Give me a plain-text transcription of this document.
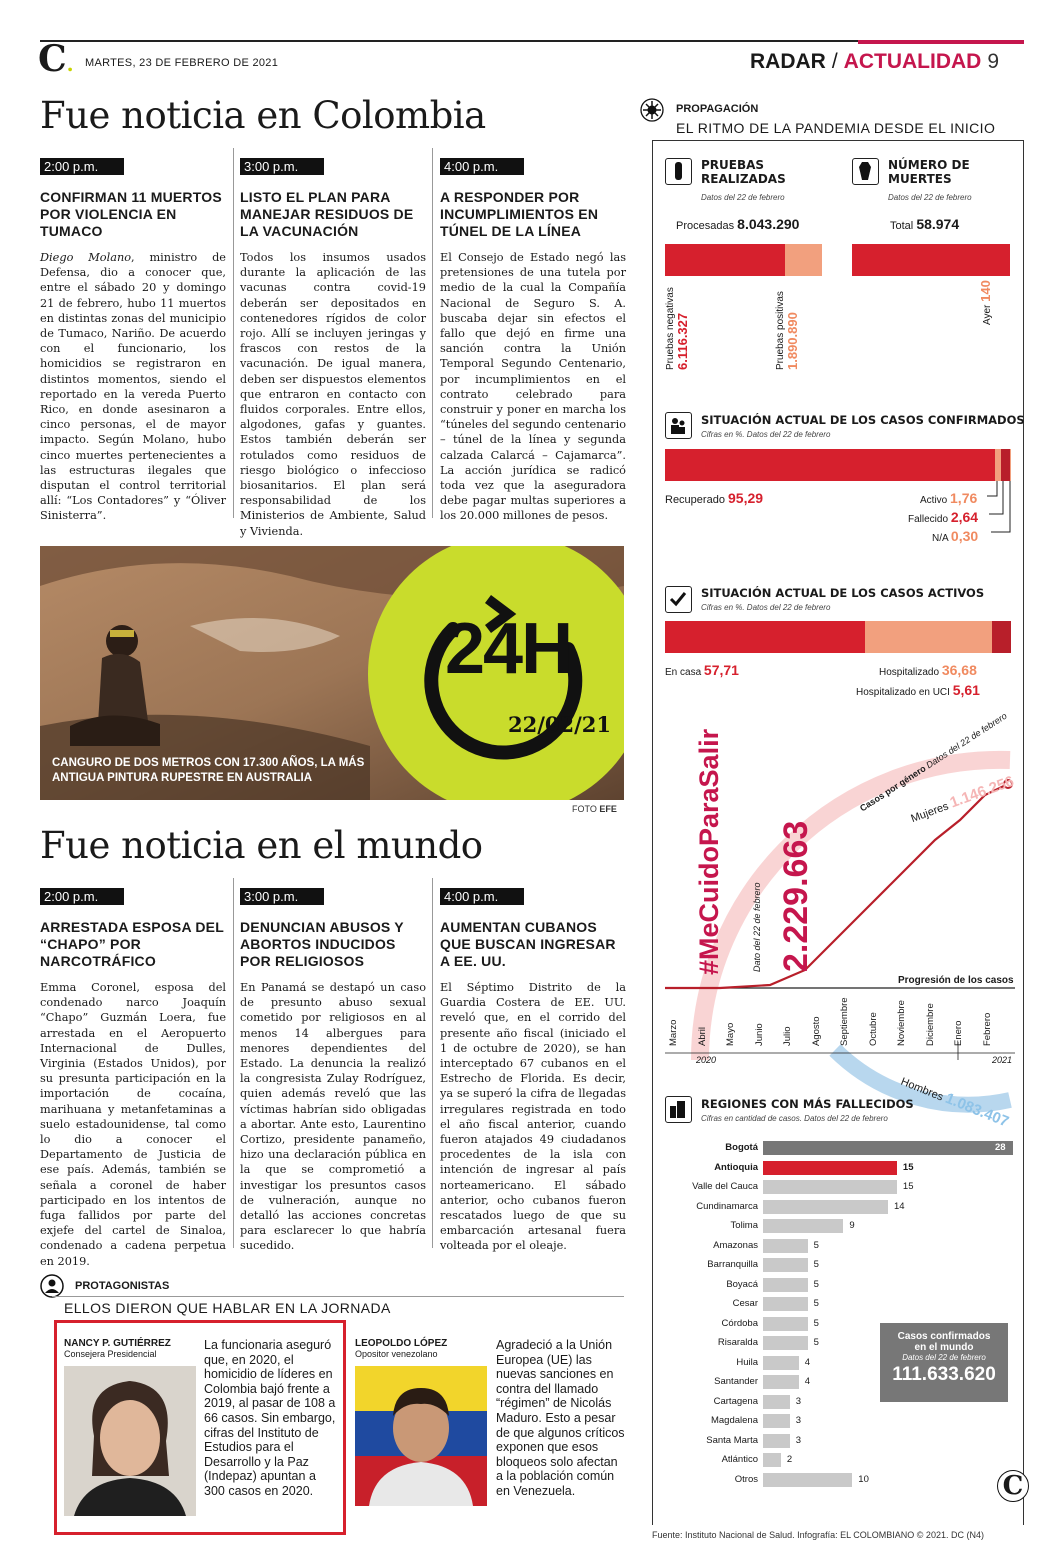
C. MARTES, 23 DE FEBRERO DE 2021	RADAR / ACTUALIDAD 9
Fue noticia en Colombia
2:00 p.m.
CONFIRMAN 11 MUERTOS POR VIOLENCIA EN TUMACO

Diego Molano, ministro de Defensa, dio a conocer que, entre el sábado 20 y domingo 21 de febrero, hubo 11 muertos en distintas zonas del municipio de Tumaco, Nariño. De acuerdo con el funcionario, los homicidios se registraron en distintos momentos, siendo el reportado en la vereda Puerto Rico, en donde asesinaron a cinco personas, el de mayor impacto. Según Molano, hubo cinco muertes pertenecientes a las estructuras ilegales que disputan el control territorial allí: “Los Contadores” y “Óliver Sinisterra”.

3:00 p.m.
LISTO EL PLAN PARA MANEJAR RESIDUOS DE LA VACUNACIÓN

Todos los insumos usados durante la aplicación de las vacunas contra covid-19 deberán ser depositados en contenedores rígidos de color rojo. Allí se incluyen jeringas y frascos con restos de la vacunación. De igual manera, deben ser dispuestos elementos que entraron en contacto con fluidos corporales. Entre ellos, algodones, gafas y guantes. Estos también deberán ser rotulados como residuos de riesgo biológico o infeccioso biosanitarios. El plan será responsabilidad de los Ministerios de Ambiente, Salud y Vivienda.

4:00 p.m.
A RESPONDER POR INCUMPLIMIENTOS EN TÚNEL DE LA LÍNEA

El Consejo de Estado negó las pretensiones de una tutela por medio de la cual la Compañía Nacional de Seguro S. A. buscaba dejar sin efectos el fallo que dejó en firme una sanción contra la Unión Temporal Segundo Centenario, por incumplimientos en el contrato celebrado para construir y poner en marcha los “túneles del segundo centenario – túnel de la línea y segunda calzada Calarcá – Cajamarca”. La acción jurídica se radicó toda vez que la aseguradora debe pagar multas superiores a los 20.000 millones de pesos.

CANGURO DE DOS METROS CON 17.300 AÑOS, LA MÁS ANTIGUA PINTURA RUPESTRE EN AUSTRALIA
24H
22/02/21
FOTO EFE
Fue noticia en el mundo
2:00 p.m.
ARRESTADA ESPOSA DEL “CHAPO” POR NARCOTRÁFICO

Emma Coronel, esposa del condenado narco Joaquín “Chapo” Guzmán Loera, fue arrestada en el Aeropuerto Internacional de Dulles, Virginia (Estados Unidos), por su presunta participación en la importación de cocaína, marihuana y metanfetaminas a suelo estadounidense, tal como lo dio a conocer el Departamento de Justicia de ese país. Además, también se señala a coronel de haber participado en los intentos de fuga fallidos por parte del exjefe del cartel de Sinaloa, condenado a cadena perpetua en 2019.

3:00 p.m.
DENUNCIAN ABUSOS Y ABORTOS INDUCIDOS POR RELIGIOSOS

En Panamá se destapó un caso de presunto abuso sexual cometido por religiosos en al menos 14 albergues para menores dependientes del Estado. La denuncia la realizó la congresista Zulay Rodríguez, quien además reveló que las víctimas habrían sido obligadas a abortar. Ante esto, Laurentino Cortizo, presidente panameño, hizo una declaración pública en la que se comprometió a investigar los presuntos casos de vulneración, aunque no detalló las acciones concretas para esclarecer lo que habría sucedido.

4:00 p.m.
AUMENTAN CUBANOS QUE BUSCAN INGRESAR A EE. UU.

El Séptimo Distrito de la Guardia Costera de EE. UU. reveló que, en el corrido del presente año fiscal (iniciado el 1 de octubre de 2020), se han interceptado 67 cubanos en el Estrecho de Florida. Es decir, ya se superó la cifra de llegadas irregulares registrada en todo el año fiscal anterior, cuando fueron atajados 49 ciudadanos procedentes de la isla con intención de ingresar al país norteamericano. El sábado anterior, ocho cubanos fueron rescatados luego de que su embarcación artesanal fuera volteada por el oleaje.

PROTAGONISTAS
ELLOS DIERON QUE HABLAR EN LA JORNADA
NANCY P. GUTIÉRREZ
Consejera Presidencial
La funcionaria aseguró que, en 2020, el homicidio de líderes en Colombia bajó frente a 2019, al pasar de 108 a 66 casos. Sin embargo, cifras del Instituto de Estudios para el Desarrollo y la Paz (Indepaz) apuntan a 300 casos en 2020.
LEOPOLDO LÓPEZ
Opositor venezolano
Agradeció a la Unión Europea (UE) las nuevas sanciones en contra del llamado “régimen” de Nicolás Maduro. Esto a pesar de que algunos críticos exponen que esos bloqueos solo afectan a la población común en Venezuela.
PROPAGACIÓN
EL RITMO DE LA PANDEMIA DESDE EL INICIO
PRUEBAS REALIZADAS
Datos del 22 de febrero
Procesadas 8.043.290
Pruebas negativas 6.116.327	Pruebas positivas 1.890.890
NÚMERO DE MUERTES
Datos del 22 de febrero
Total 58.974
Ayer 140
SITUACIÓN ACTUAL DE LOS CASOS CONFIRMADOS
Cifras en %. Datos del 22 de febrero
Recuperado 95,29	Activo 1,76
Fallecido 2,64
N/A 0,30
SITUACIÓN ACTUAL DE LOS CASOS ACTIVOS
Cifras en %. Datos del 22 de febrero
En casa 57,71	Hospitalizado 36,68
Hospitalizado en UCI 5,61
#MeCuidoParaSalir 2.229.663
Dato del 22 de febrero
Casos por género Datos del 22 de febrero
Mujeres 1.146.256
Hombres 1.083.407
Progresión de los casos
Marzo Abril Mayo Junio Julio Agosto Septiembre Octubre Noviembre Diciembre Enero Febrero
2020	2021
REGIONES CON MÁS FALLECIDOS
Cifras en cantidad de casos. Datos del 22 de febrero
Bogotá	28
Antioquia	15
Valle del Cauca	15
Cundinamarca	14
Tolima	9
Amazonas	5
Barranquilla	5
Boyacá	5
Cesar	5
Córdoba	5
Risaralda	5
Huila	4
Santander	4
Cartagena	3
Magdalena	3
Santa Marta	3
Atlántico	2
Otros	10
Casos confirmados
en el mundo
Datos del 22 de febrero
111.633.620
C
Fuente: Instituto Nacional de Salud. Infografía: EL COLOMBIANO © 2021. DC (N4)
